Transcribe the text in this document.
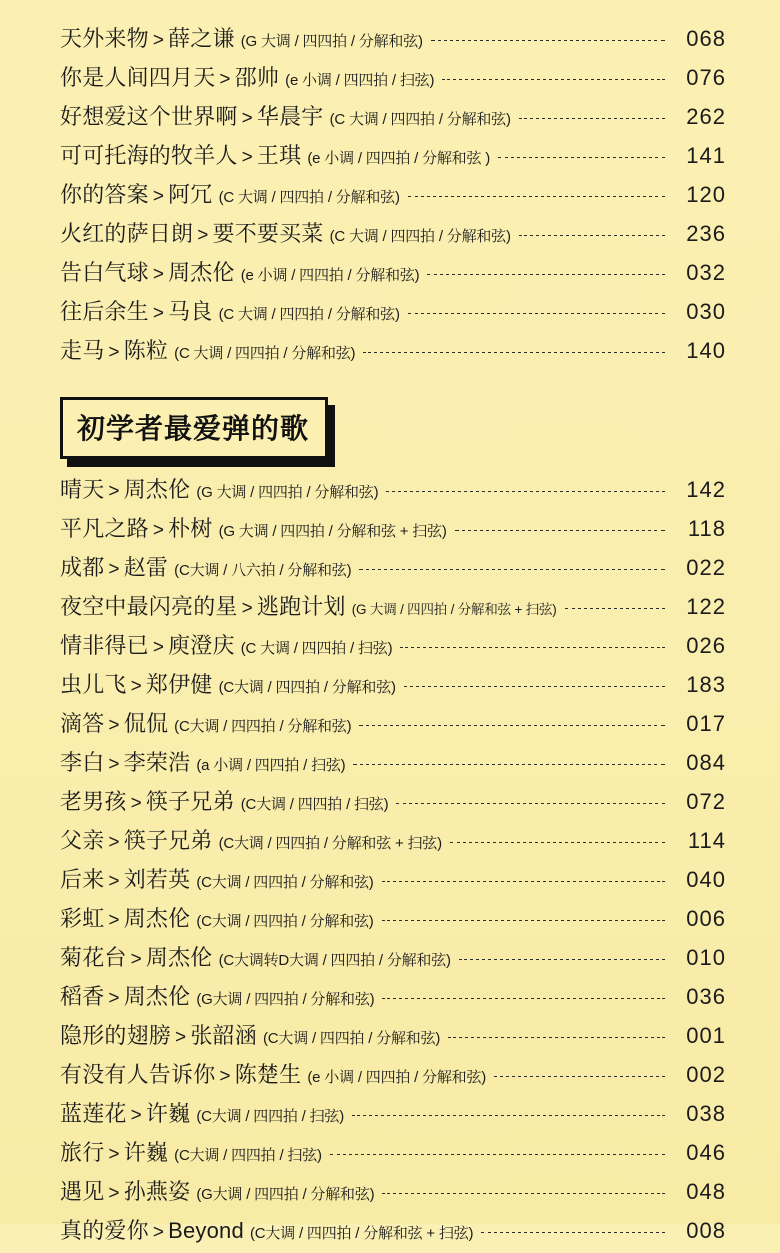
天外来物 > 薛之谦 (G 大调 / 四四拍 / 分解和弦)	068
你是人间四月天 > 邵帅 (e 小调 / 四四拍 / 扫弦)	076
好想爱这个世界啊 > 华晨宇 (C 大调 / 四四拍 / 分解和弦)	262
可可托海的牧羊人 > 王琪 (e 小调 / 四四拍 / 分解和弦 )	141
你的答案 > 阿冗 (C 大调 / 四四拍 / 分解和弦)	120
火红的萨日朗 > 要不要买菜 (C 大调 / 四四拍 / 分解和弦)	236
告白气球 > 周杰伦 (e 小调 / 四四拍 / 分解和弦)	032
往后余生 > 马良 (C 大调 / 四四拍 / 分解和弦)	030
走马 > 陈粒 (C 大调 / 四四拍 / 分解和弦)	140
初学者最爱弹的歌
晴天 > 周杰伦 (G 大调 / 四四拍 / 分解和弦)	142
平凡之路 > 朴树 (G 大调 / 四四拍 / 分解和弦 + 扫弦)	118
成都 > 赵雷 (C大调 / 八六拍 / 分解和弦)	022
夜空中最闪亮的星 > 逃跑计划 (G 大调 / 四四拍 / 分解和弦 + 扫弦)	122
情非得已 > 庾澄庆 (C 大调 / 四四拍 / 扫弦)	026
虫儿飞 > 郑伊健 (C大调 / 四四拍 / 分解和弦)	183
滴答 > 侃侃 (C大调 / 四四拍 / 分解和弦)	017
李白 > 李荣浩 (a 小调 / 四四拍 / 扫弦)	084
老男孩 > 筷子兄弟 (C大调 / 四四拍 / 扫弦)	072
父亲 > 筷子兄弟 (C大调 / 四四拍 / 分解和弦 + 扫弦)	114
后来 > 刘若英 (C大调 / 四四拍 / 分解和弦)	040
彩虹 > 周杰伦 (C大调 / 四四拍 / 分解和弦)	006
菊花台 > 周杰伦 (C大调转D大调 / 四四拍 / 分解和弦)	010
稻香 > 周杰伦 (G大调 / 四四拍 / 分解和弦)	036
隐形的翅膀 > 张韶涵 (C大调 / 四四拍 / 分解和弦)	001
有没有人告诉你 > 陈楚生 (e 小调 / 四四拍 / 分解和弦)	002
蓝莲花 > 许巍 (C大调 / 四四拍 / 扫弦)	038
旅行 > 许巍 (C大调 / 四四拍 / 扫弦)	046
遇见 > 孙燕姿 (G大调 / 四四拍 / 分解和弦)	048
真的爱你 > Beyond (C大调 / 四四拍 / 分解和弦 + 扫弦)	008
